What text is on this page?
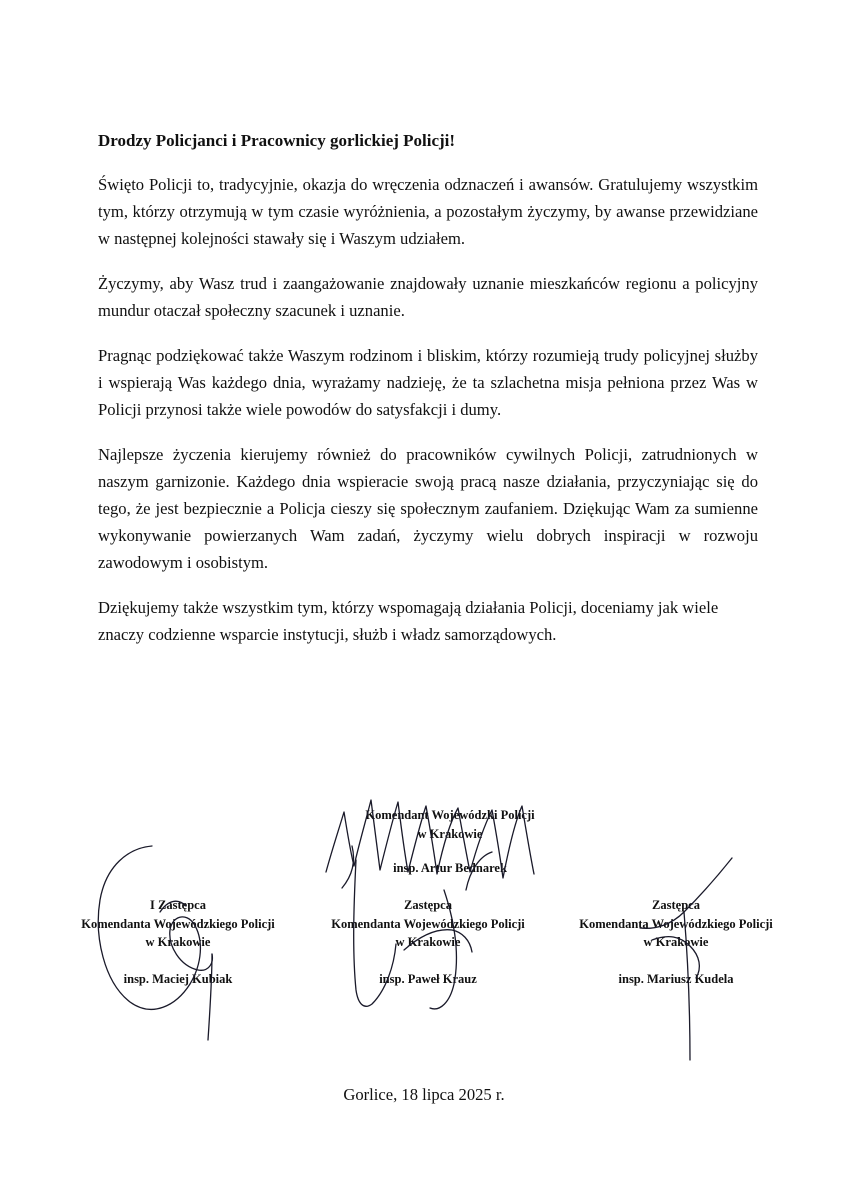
Drodzy Policjanci i Pracownicy gorlickiej Policji!

Święto Policji to, tradycyjnie, okazja do wręczenia odznaczeń i awansów. Gratulujemy wszystkim tym, którzy otrzymują w tym czasie wyróżnienia, a pozostałym życzymy, by awanse przewidziane w następnej kolejności stawały się i Waszym udziałem.

Życzymy, aby Wasz trud i zaangażowanie znajdowały uznanie mieszkańców regionu a policyjny mundur otaczał społeczny szacunek i uznanie.

Pragnąc podziękować także Waszym rodzinom i bliskim, którzy rozumieją trudy policyjnej służby i wspierają Was każdego dnia, wyrażamy nadzieję, że ta szlachetna misja pełniona przez Was w Policji przynosi także wiele powodów do satysfakcji i dumy.

Najlepsze życzenia kierujemy również do pracowników cywilnych Policji, zatrudnionych w naszym garnizonie. Każdego dnia wspieracie swoją pracą nasze działania, przyczyniając się do tego, że jest bezpiecznie a Policja cieszy się społecznym zaufaniem. Dziękując Wam za sumienne wykonywanie powierzanych Wam zadań, życzymy wielu dobrych inspiracji w rozwoju zawodowym i osobistym.

Dziękujemy także wszystkim tym, którzy wspomagają działania Policji, doceniamy jak wiele znaczy codzienne wsparcie instytucji, służb i władz samorządowych.

Komendant Wojewódzki Policji
w Krakowie
insp. Artur Bednarek
I Zastępca
Komendanta Wojewódzkiego Policji
w Krakowie
insp. Maciej Kubiak
Zastępca
Komendanta Wojewódzkiego Policji
w Krakowie
insp. Paweł Krauz
Zastępca
Komendanta Wojewódzkiego Policji
w Krakowie
insp. Mariusz Kudela

Gorlice, 18 lipca 2025 r.
